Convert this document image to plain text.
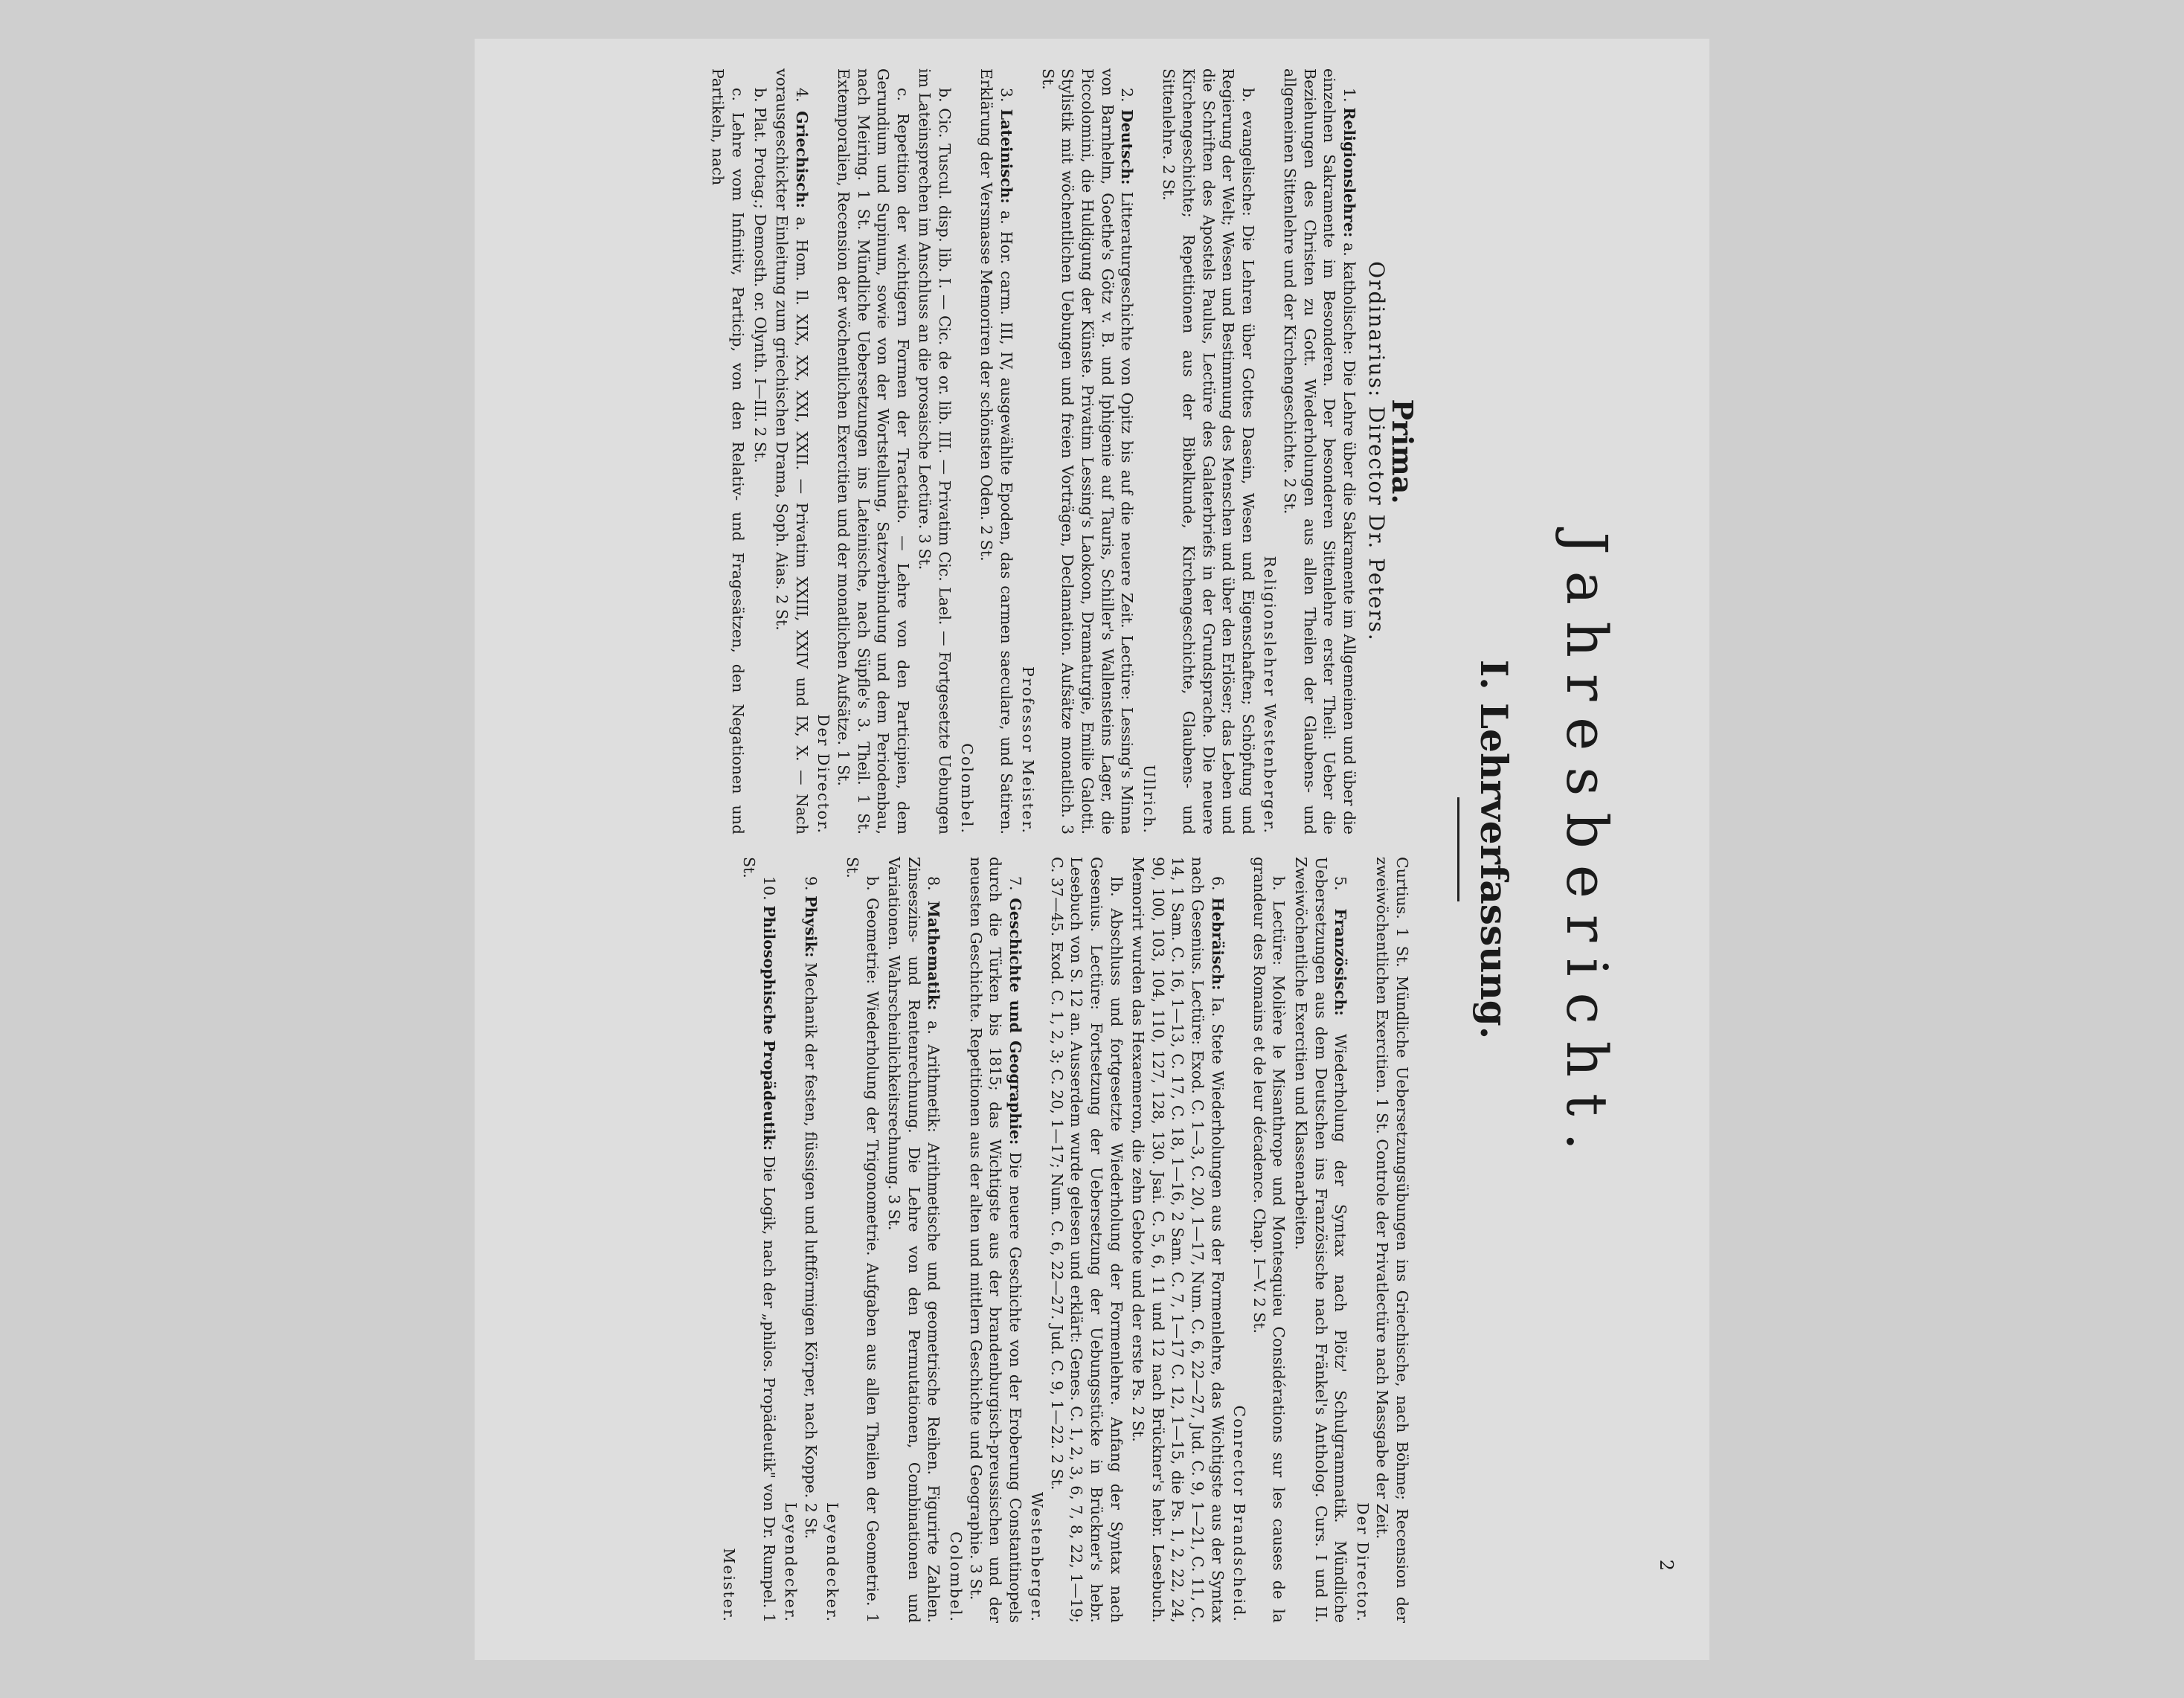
2
Jahresbericht.
I. Lehrverfassung.
Prima.
Ordinarius: Director Dr. Peters.

1. Religionslehre: a. katholische: Die Lehre über die Sakramente im Allgemeinen und über die einzelnen Sakramente im Besonderen. Der besonderen Sittenlehre erster Theil: Ueber die Beziehungen des Christen zu Gott. Wiederholungen aus allen Theilen der Glaubens- und allgemeinen Sittenlehre und der Kirchengeschichte. 2 St.
Religionslehrer Westenberger.

b. evangelische: Die Lehren über Gottes Dasein, Wesen und Eigenschaften; Schöpfung und Regierung der Welt; Wesen und Bestimmung des Menschen und über den Erlöser; das Leben und die Schriften des Apostels Paulus, Lectüre des Galaterbriefs in der Grundsprache. Die neuere Kirchengeschichte; Repetitionen aus der Bibelkunde, Kirchengeschichte, Glaubens- und Sittenlehre. 2 St.
Ullrich.

2. Deutsch: Litteraturgeschichte von Opitz bis auf die neuere Zeit. Lectüre: Lessing's Minna von Barnhelm, Goethe's Götz v. B. und Iphigenie auf Tauris, Schiller's Wallensteins Lager, die Piccolomini, die Huldigung der Künste. Privatim Lessing's Laokoon, Dramaturgie, Emilie Galotti. Stylistik mit wöchentlichen Uebungen und freien Vorträgen, Declamation. Aufsätze monatlich. 3 St.
Professor Meister.

3. Lateinisch: a. Hor. carm. III, IV, ausgewählte Epoden, das carmen saeculare, und Satiren. Erklärung der Versmasse Memoriren der schönsten Oden. 2 St.
Colombel.

b. Cic. Tuscul. disp. lib. I. — Cic. de or. lib. III. — Privatim Cic. Lael. — Fortgesetzte Uebungen im Lateinsprechen im Anschluss an die prosaische Lectüre. 3 St.

c. Repetition der wichtigern Formen der Tractatio. — Lehre von den Participien, dem Gerundium und Supinum, sowie von der Wortstellung, Satzverbindung und dem Periodenbau, nach Meiring. 1 St. Mündliche Uebersetzungen ins Lateinische, nach Süpfle's 3. Theil. 1 St. Extemporalien, Recension der wöchentlichen Exercitien und der monatlichen Aufsätze. 1 St.
Der Director.

4. Griechisch: a. Hom. Il. XIX, XX, XXI, XXII. — Privatim XXIII, XXIV und IX, X. — Nach vorausgeschickter Einleitung zum griechischen Drama, Soph. Aias. 2 St.

b. Plat. Protag.; Demosth. or. Olynth. I—III. 2 St.

c. Lehre vom Infinitiv, Particip, von den Relativ- und Fragesätzen, den Negationen und Partikeln, nach

Curtius. 1 St. Mündliche Uebersetzungsübungen ins Griechische, nach Böhme; Recension der zweiwöchentlichen Exercitien. 1 St. Controle der Privatlectüre nach Massgabe der Zeit.
Der Director.

5. Französisch: Wiederholung der Syntax nach Plötz' Schulgrammatik. Mündliche Uebersetzungen aus dem Deutschen ins Französische nach Fränkel's Antholog. Curs. I und II. Zweiwöchentliche Exercitien und Klassenarbeiten.

b. Lectüre: Molière le Misanthrope und Montesquieu Considérations sur les causes de la grandeur des Romains et de leur décadence. Chap. I—V. 2 St.
Conrector Brandscheid.

6. Hebräisch: Ia. Stete Wiederholungen aus der Formenlehre, das Wichtigste aus der Syntax nach Gesenius. Lectüre: Exod. C. 1—3, C. 20, 1—17, Num. C. 6, 22—27, Jud. C. 9, 1—21, C. 11, C. 14, 1 Sam. C. 16, 1—13, C. 17, C. 18, 1—16, 2 Sam. C. 7, 1—17 C. 12, 1—15, die Ps. 1, 2, 22, 24, 90, 100, 103, 104, 110, 127, 128, 130. Jsai. C. 5, 6, 11 und 12 nach Brückner's hebr. Lesebuch. Memorirt wurden das Hexaemeron, die zehn Gebote und der erste Ps. 2 St.

Ib. Abschluss und fortgesetzte Wiederholung der Formenlehre. Anfang der Syntax nach Gesenius. Lectüre: Fortsetzung der Uebersetzung der Uebungsstücke in Brückner's hebr. Lesebuch von S. 12 an. Ausserdem wurde gelesen und erklärt: Genes. C. 1, 2, 3, 6, 7, 8, 22, 1—19; C. 37—45. Exod. C. 1, 2, 3; C. 20, 1—17; Num. C. 6, 22—27. Jud. C. 9, 1—22. 2 St.
Westenberger.

7. Geschichte und Geographie: Die neuere Geschichte von der Eroberung Constantinopels durch die Türken bis 1815; das Wichtigste aus der brandenburgisch-preussischen und der neuesten Geschichte. Repetitionen aus der alten und mittlern Geschichte und Geographie. 3 St.
Colombel.

8. Mathematik: a. Arithmetik: Arithmetische und geometrische Reihen. Figurirte Zahlen. Zinseszins- und Rentenrechnung. Die Lehre von den Permutationen, Combinationen und Variationen. Wahrscheinlichkeitsrechnung. 3 St.

b. Geometrie: Wiederholung der Trigonometrie. Aufgaben aus allen Theilen der Geometrie. 1 St.
Leyendecker.

9. Physik: Mechanik der festen, flüssigen und luftförmigen Körper, nach Koppe. 2 St.
Leyendecker.

10. Philosophische Propädeutik: Die Logik, nach der „philos. Propädeutik" von Dr. Rumpel. 1 St.
Meister.
